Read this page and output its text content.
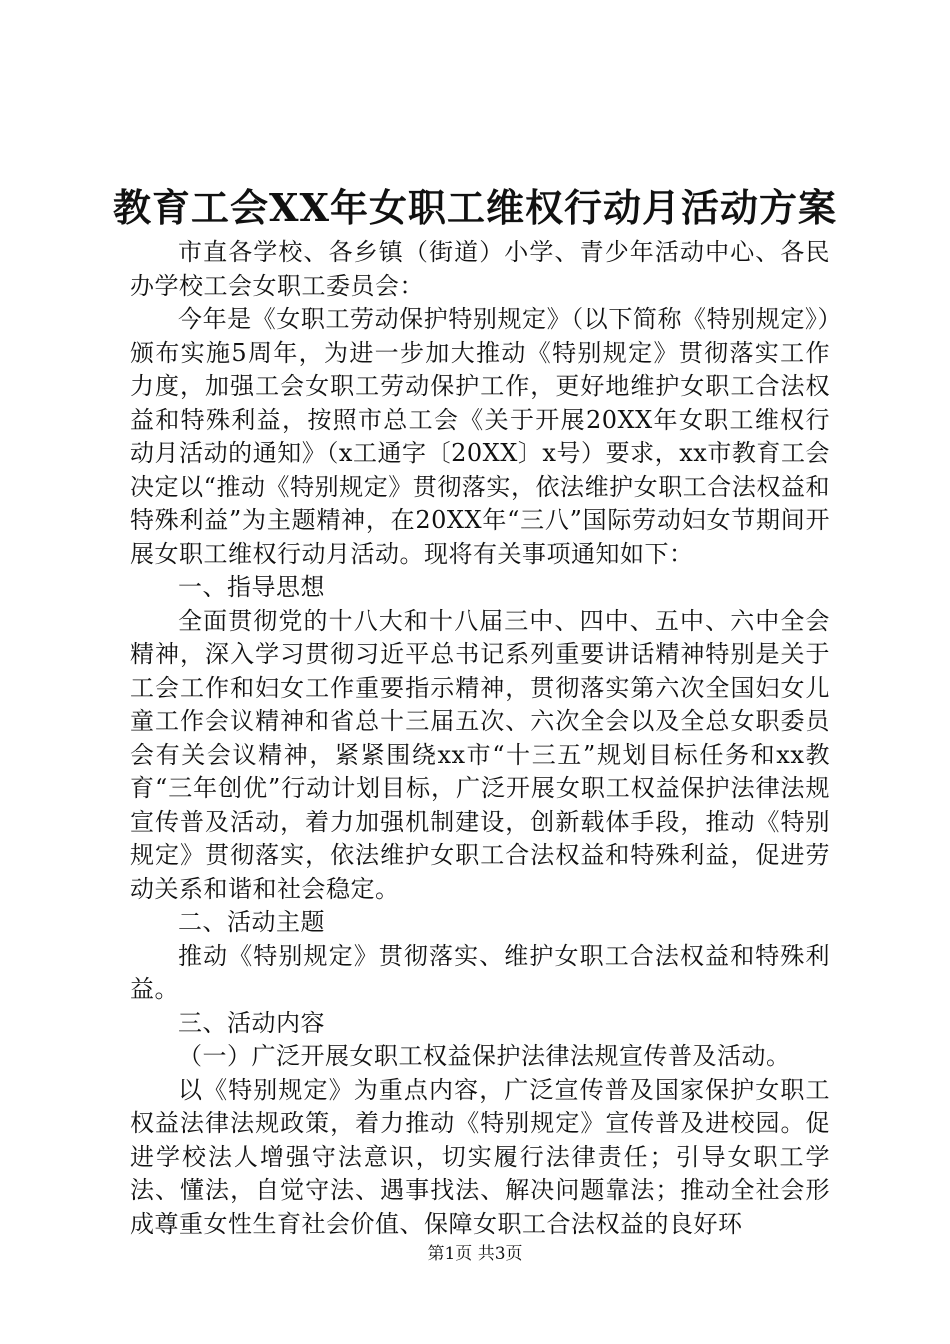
教育工会XX年女职工维权行动月活动方案

市直各学校、各乡镇（街道）小学、青少年活动中心、各民办学校工会女职工委员会：

今年是《女职工劳动保护特别规定》（以下简称《特别规定》）颁布实施5周年，为进一步加大推动《特别规定》贯彻落实工作力度，加强工会女职工劳动保护工作，更好地维护女职工合法权益和特殊利益，按照市总工会《关于开展20XX年女职工维权行动月活动的通知》（x工通字〔20XX〕x号）要求，xx市教育工会决定以“推动《特别规定》贯彻落实，依法维护女职工合法权益和特殊利益”为主题精神，在20XX年“三八”国际劳动妇女节期间开展女职工维权行动月活动。现将有关事项通知如下：

一、指导思想

全面贯彻党的十八大和十八届三中、四中、五中、六中全会精神，深入学习贯彻习近平总书记系列重要讲话精神特别是关于工会工作和妇女工作重要指示精神，贯彻落实第六次全国妇女儿童工作会议精神和省总十三届五次、六次全会以及全总女职委员会有关会议精神，紧紧围绕xx市“十三五”规划目标任务和xx教育“三年创优”行动计划目标，广泛开展女职工权益保护法律法规宣传普及活动，着力加强机制建设，创新载体手段，推动《特别规定》贯彻落实，依法维护女职工合法权益和特殊利益，促进劳动关系和谐和社会稳定。

二、活动主题

推动《特别规定》贯彻落实、维护女职工合法权益和特殊利益。

三、活动内容

（一）广泛开展女职工权益保护法律法规宣传普及活动。

以《特别规定》为重点内容，广泛宣传普及国家保护女职工权益法律法规政策，着力推动《特别规定》宣传普及进校园。促进学校法人增强守法意识，切实履行法律责任；引导女职工学法、懂法，自觉守法、遇事找法、解决问题靠法；推动全社会形成尊重女性生育社会价值、保障女职工合法权益的良好环

第1页 共3页
